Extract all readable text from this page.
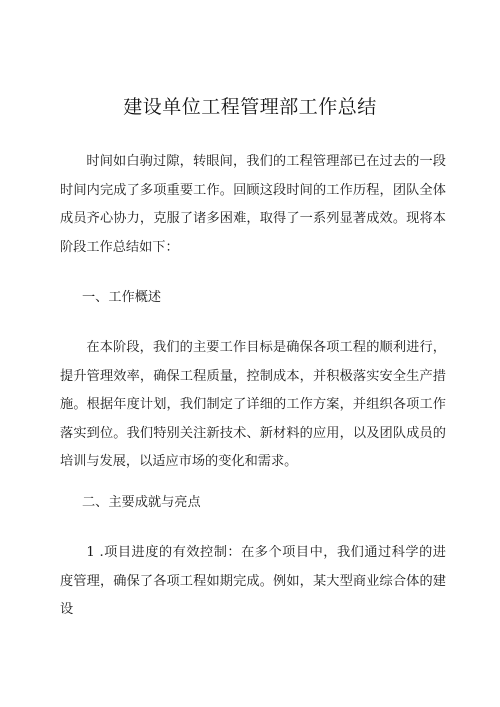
建设单位工程管理部工作总结

时间如白驹过隙，转眼间，我们的工程管理部已在过去的一段时间内完成了多项重要工作。回顾这段时间的工作历程，团队全体成员齐心协力，克服了诸多困难，取得了一系列显著成效。现将本阶段工作总结如下：

一、工作概述

在本阶段，我们的主要工作目标是确保各项工程的顺利进行，提升管理效率，确保工程质量，控制成本，并积极落实安全生产措施。根据年度计划，我们制定了详细的工作方案，并组织各项工作落实到位。我们特别关注新技术、新材料的应用，以及团队成员的培训与发展，以适应市场的变化和需求。

二、主要成就与亮点

1 .项目进度的有效控制：在多个项目中，我们通过科学的进度管理，确保了各项工程如期完成。例如，某大型商业综合体的建设
